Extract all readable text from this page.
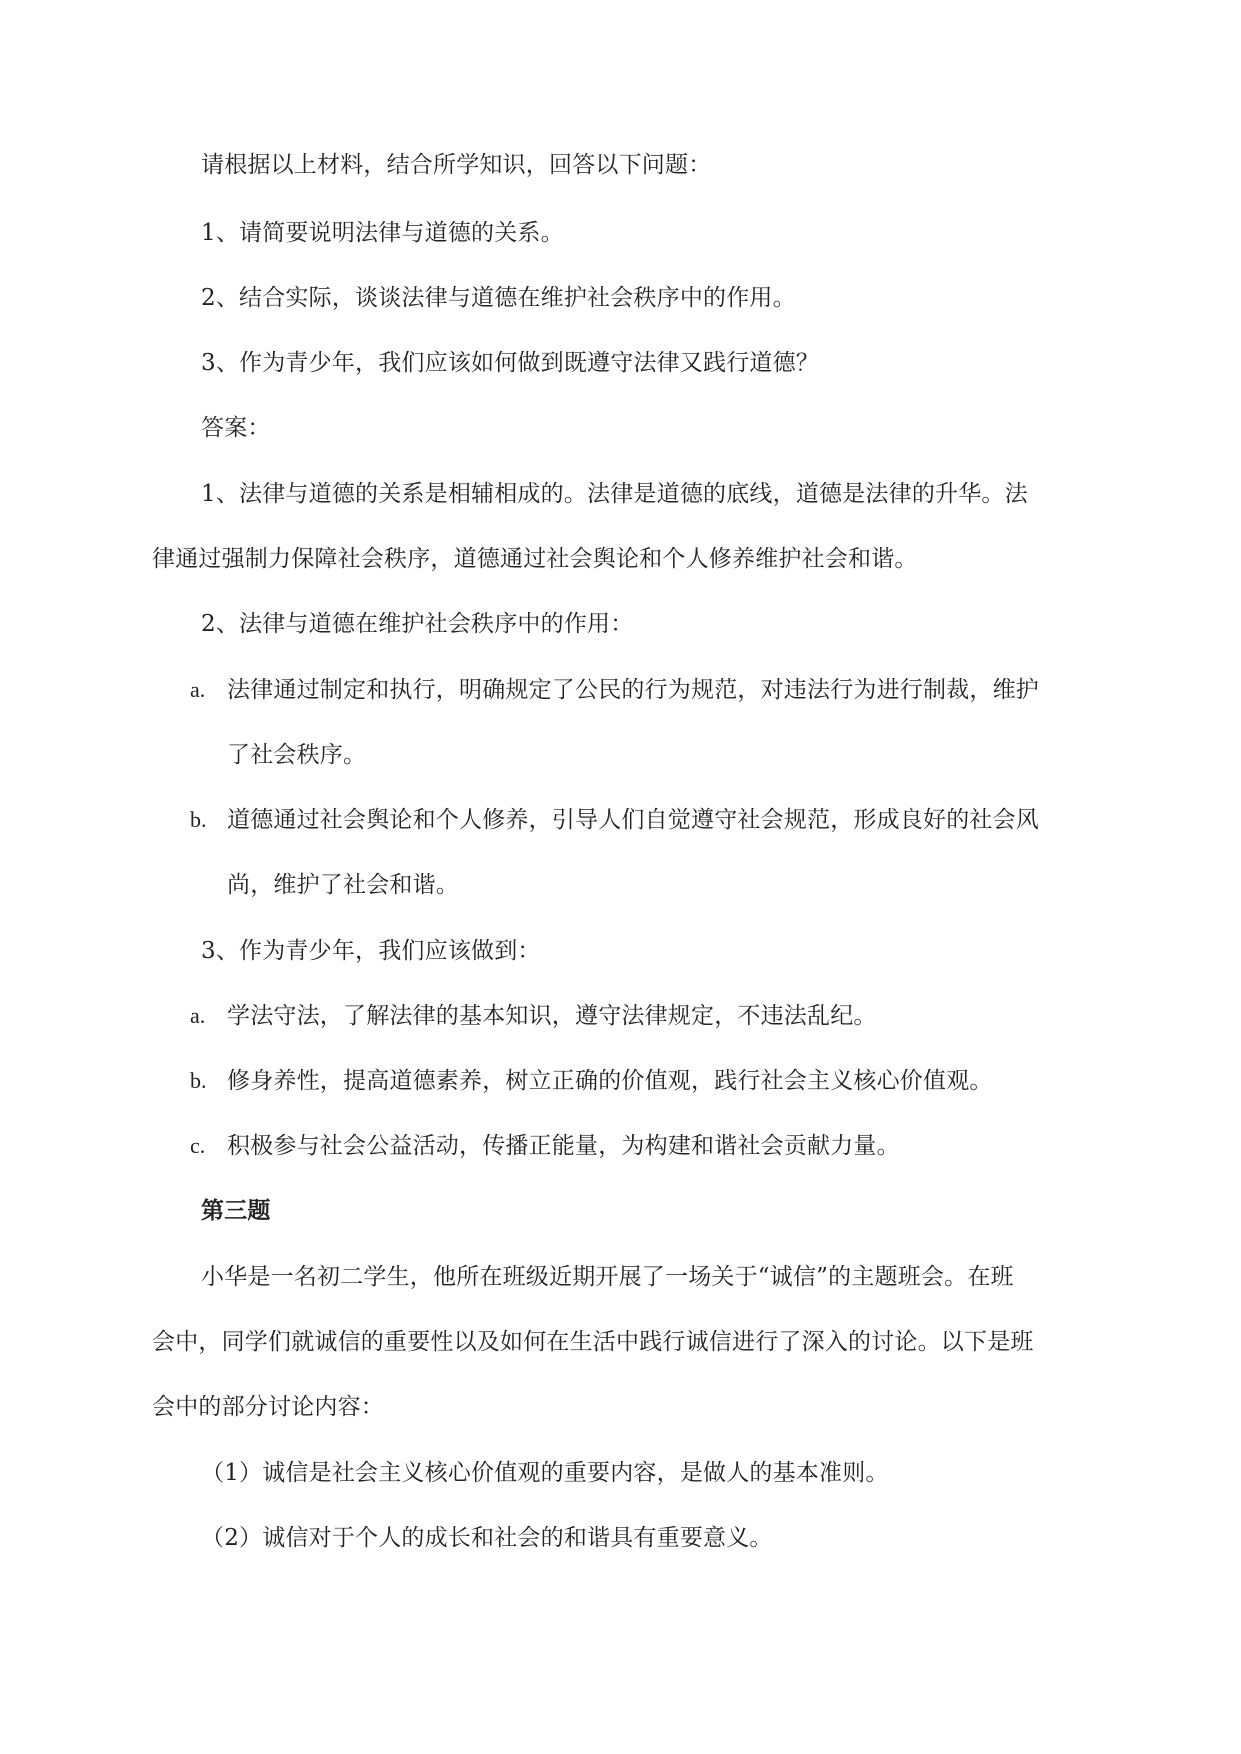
请根据以上材料，结合所学知识，回答以下问题：
1、请简要说明法律与道德的关系。
2、结合实际，谈谈法律与道德在维护社会秩序中的作用。
3、作为青少年，我们应该如何做到既遵守法律又践行道德？
答案：
1、法律与道德的关系是相辅相成的。法律是道德的底线，道德是法律的升华。法
律通过强制力保障社会秩序，道德通过社会舆论和个人修养维护社会和谐。
2、法律与道德在维护社会秩序中的作用：
a. 法律通过制定和执行，明确规定了公民的行为规范，对违法行为进行制裁，维护
了社会秩序。
b. 道德通过社会舆论和个人修养，引导人们自觉遵守社会规范，形成良好的社会风
尚，维护了社会和谐。
3、作为青少年，我们应该做到：
a. 学法守法，了解法律的基本知识，遵守法律规定，不违法乱纪。
b. 修身养性，提高道德素养，树立正确的价值观，践行社会主义核心价值观。
c. 积极参与社会公益活动，传播正能量，为构建和谐社会贡献力量。
第三题
小华是一名初二学生，他所在班级近期开展了一场关于“诚信”的主题班会。在班
会中，同学们就诚信的重要性以及如何在生活中践行诚信进行了深入的讨论。以下是班
会中的部分讨论内容：
（1）诚信是社会主义核心价值观的重要内容，是做人的基本准则。
（2）诚信对于个人的成长和社会的和谐具有重要意义。
